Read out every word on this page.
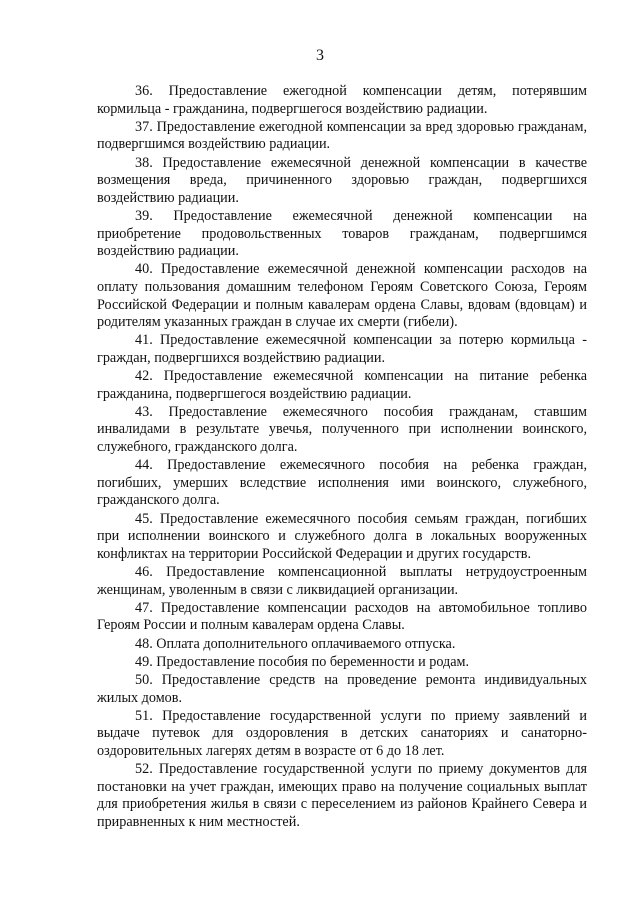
3

36. Предоставление ежегодной компенсации детям, потерявшим кормильца - гражданина, подвергшегося воздействию радиации.

37. Предоставление ежегодной компенсации за вред здоровью гражданам, подвергшимся воздействию радиации.

38. Предоставление ежемесячной денежной компенсации в качестве возмещения вреда, причиненного здоровью граждан, подвергшихся воздействию радиации.

39. Предоставление ежемесячной денежной компенсации на приобретение продовольственных товаров гражданам, подвергшимся воздействию радиации.

40. Предоставление ежемесячной денежной компенсации расходов на оплату пользования домашним телефоном Героям Советского Союза, Героям Российской Федерации и полным кавалерам ордена Славы, вдовам (вдовцам) и родителям указанных граждан в случае их смерти (гибели).

41. Предоставление ежемесячной компенсации за потерю кормильца - граждан, подвергшихся воздействию радиации.

42. Предоставление ежемесячной компенсации на питание ребенка гражданина, подвергшегося воздействию радиации.

43. Предоставление ежемесячного пособия гражданам, ставшим инвалидами в результате увечья, полученного при исполнении воинского, служебного, гражданского долга.

44. Предоставление ежемесячного пособия на ребенка граждан, погибших, умерших вследствие исполнения ими воинского, служебного, гражданского долга.

45. Предоставление ежемесячного пособия семьям граждан, погибших при исполнении воинского и служебного долга в локальных вооруженных конфликтах на территории Российской Федерации и других государств.

46. Предоставление компенсационной выплаты нетрудоустроенным женщинам, уволенным в связи с ликвидацией организации.

47. Предоставление компенсации расходов на автомобильное топливо Героям России и полным кавалерам ордена Славы.

48. Оплата дополнительного оплачиваемого отпуска.

49. Предоставление пособия по беременности и родам.

50. Предоставление средств на проведение ремонта индивидуальных жилых домов.

51. Предоставление государственной услуги по приему заявлений и выдаче путевок для оздоровления в детских санаториях и санаторно-оздоровительных лагерях детям в возрасте от 6 до 18 лет.

52. Предоставление государственной услуги по приему документов для постановки на учет граждан, имеющих право на получение социальных выплат для приобретения жилья в связи с переселением из районов Крайнего Севера и приравненных к ним местностей.
